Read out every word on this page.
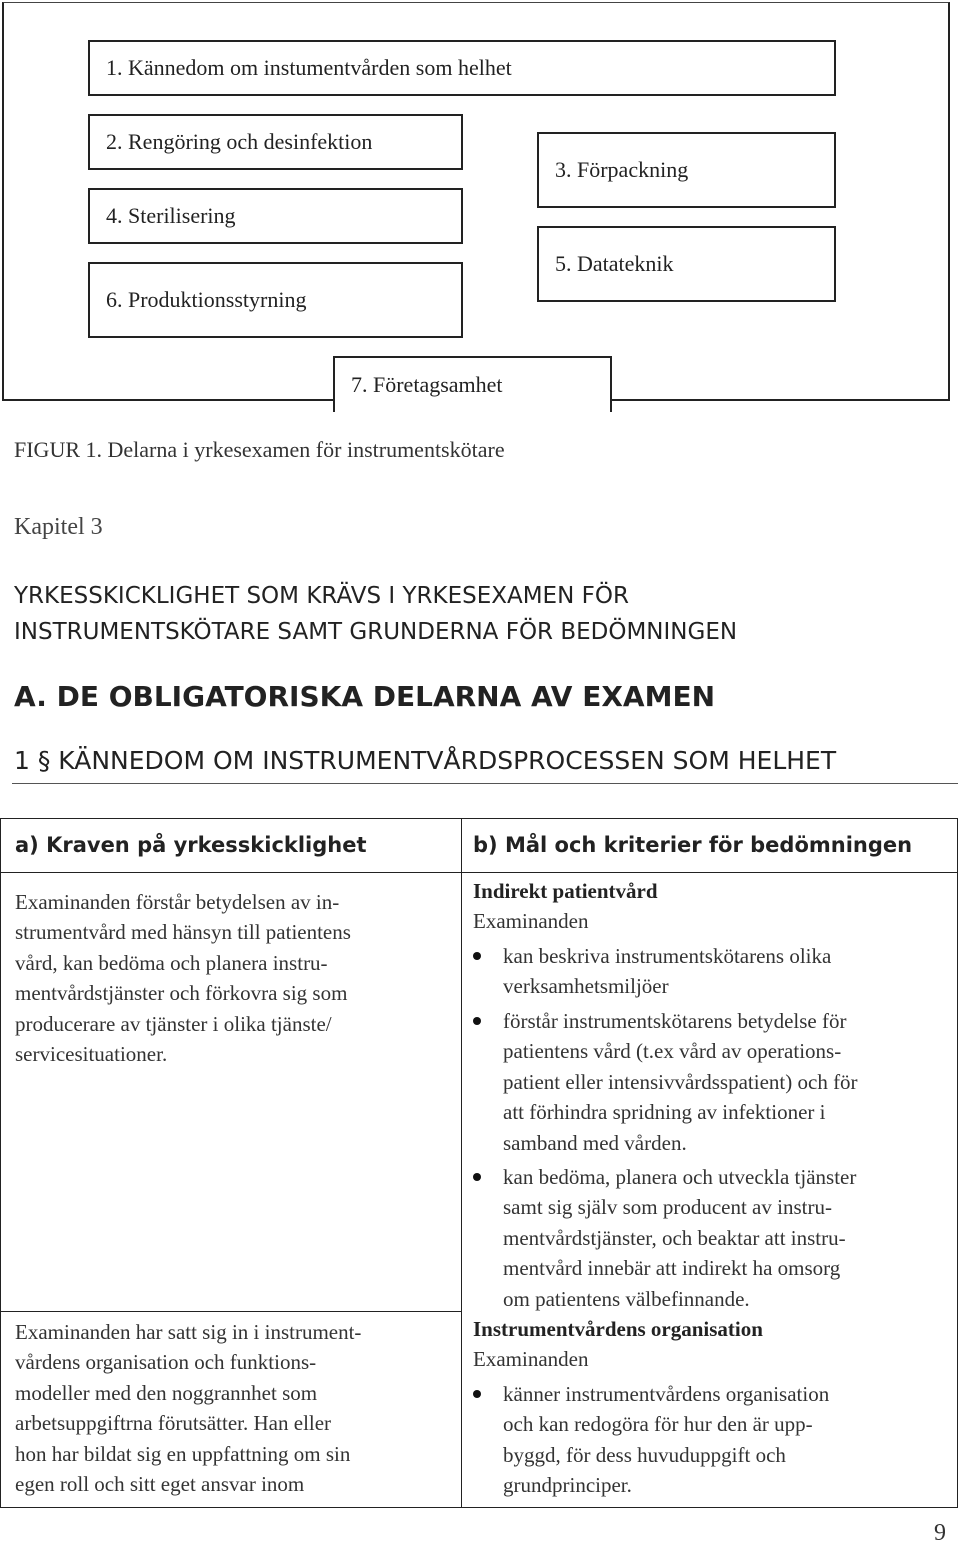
1. Kännedom om instumentvården som helhet
2. Rengöring och desinfektion
4. Sterilisering
6. Produktionsstyrning
3. Förpackning
5. Datateknik
7. Företagsamhet
FIGUR 1. Delarna i yrkesexamen för instrumentskötare
Kapitel 3
YRKESSKICKLIGHET SOM KRÄVS I YRKESEXAMEN FÖR
INSTRUMENTSKÖTARE SAMT GRUNDERNA FÖR BEDÖMNINGEN
A. DE OBLIGATORISKA DELARNA AV EXAMEN
1 § KÄNNEDOM OM INSTRUMENTVÅRDSPROCESSEN SOM HELHET
a) Kraven på yrkesskicklighet	b) Mål och kriterier för bedömningen
Examinanden förstår betydelsen av in-
strumentvård med hänsyn till patientens
vård, kan bedöma och planera instru-
mentvårdstjänster och förkovra sig som
producerare av tjänster i olika tjänste/
servicesituationer.
Examinanden har satt sig in i instrument-
vårdens organisation och funktions-
modeller med den noggrannhet som
arbetsuppgiftrna förutsätter. Han eller
hon har bildat sig en uppfattning om sin
egen roll och sitt eget ansvar inom
Indirekt patientvård
Examinanden
kan beskriva instrumentskötarens olika
verksamhetsmiljöer
förstår instrumentskötarens betydelse för
patientens vård (t.ex vård av operations-
patient eller intensivvårdsspatient) och för
att förhindra spridning av infektioner i
samband med vården.
kan bedöma, planera och utveckla tjänster
samt sig själv som producent av instru-
mentvårdstjänster, och beaktar att instru-
mentvård innebär att indirekt ha omsorg
om patientens välbefinnande.
Instrumentvårdens organisation
Examinanden
känner instrumentvårdens organisation
och kan redogöra för hur den är upp-
byggd, för dess huvuduppgift och
grundprinciper.
9
